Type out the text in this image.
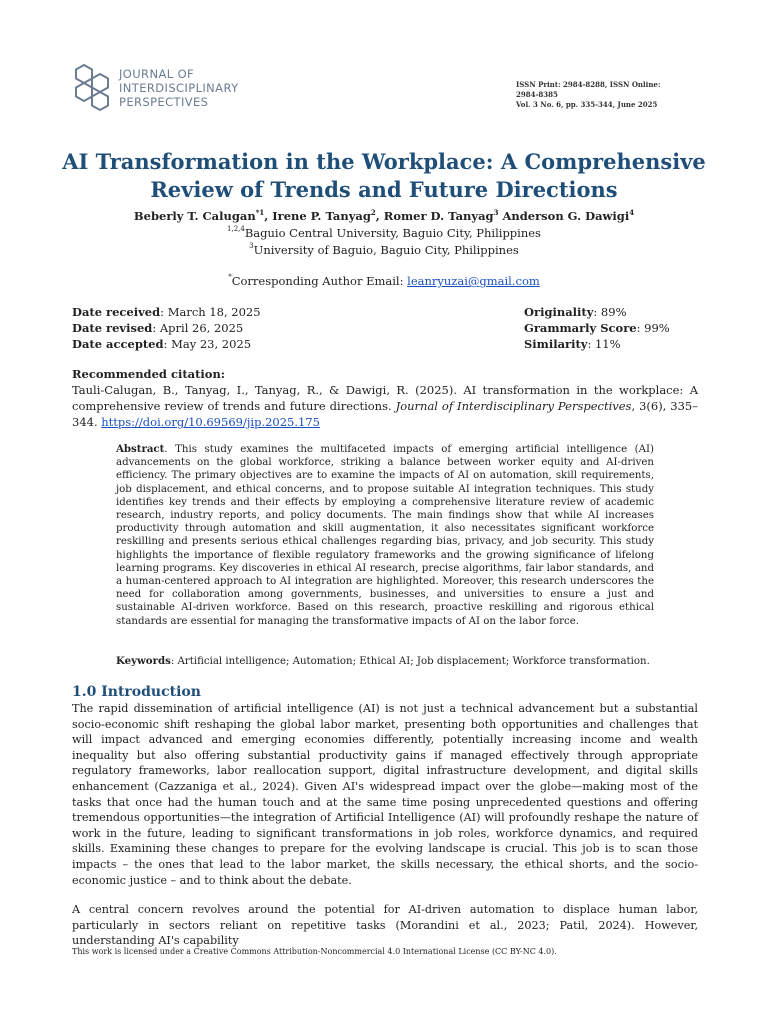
JOURNAL OF
INTERDISCIPLINARY
PERSPECTIVES
ISSN Print: 2984-8288, ISSN Online: 2984-8385
Vol. 3 No. 6, pp. 335-344, June 2025
AI Transformation in the Workplace: A Comprehensive
Review of Trends and Future Directions
Beberly T. Calugan$^{*1}$, Irene P. Tanyag$^2$, Romer D. Tanyag$^3$ Anderson G. Dawigi$^4$
$^{1,2,4}$Baguio Central University, Baguio City, Philippines
$^3$University of Baguio, Baguio City, Philippines
*Corresponding Author Email: leanryuzai@gmail.com
Date received: March 18, 2025
Date revised: April 26, 2025
Date accepted: May 23, 2025
Originality: 89%
Grammarly Score: 99%
Similarity: 11%
Recommended citation:
Tauli-Calugan, B., Tanyag, I., Tanyag, R., & Dawigi, R. (2025). AI transformation in the workplace: A comprehensive review of trends and future directions. Journal of Interdisciplinary Perspectives, 3(6), 335–344. https://doi.org/10.69569/jip.2025.175
Abstract. This study examines the multifaceted impacts of emerging artificial intelligence (AI) advancements on the global workforce, striking a balance between worker equity and AI-driven efficiency. The primary objectives are to examine the impacts of AI on automation, skill requirements, job displacement, and ethical concerns, and to propose suitable AI integration techniques. This study identifies key trends and their effects by employing a comprehensive literature review of academic research, industry reports, and policy documents. The main findings show that while AI increases productivity through automation and skill augmentation, it also necessitates significant workforce reskilling and presents serious ethical challenges regarding bias, privacy, and job security. This study highlights the importance of flexible regulatory frameworks and the growing significance of lifelong learning programs. Key discoveries in ethical AI research, precise algorithms, fair labor standards, and a human-centered approach to AI integration are highlighted. Moreover, this research underscores the need for collaboration among governments, businesses, and universities to ensure a just and sustainable AI-driven workforce. Based on this research, proactive reskilling and rigorous ethical standards are essential for managing the transformative impacts of AI on the labor force.
Keywords: Artificial intelligence; Automation; Ethical AI; Job displacement; Workforce transformation.
1.0 Introduction

The rapid dissemination of artificial intelligence (AI) is not just a technical advancement but a substantial socio-economic shift reshaping the global labor market, presenting both opportunities and challenges that will impact advanced and emerging economies differently, potentially increasing income and wealth inequality but also offering substantial productivity gains if managed effectively through appropriate regulatory frameworks, labor reallocation support, digital infrastructure development, and digital skills enhancement (Cazzaniga et al., 2024). Given AI's widespread impact over the globe—making most of the tasks that once had the human touch and at the same time posing unprecedented questions and offering tremendous opportunities—the integration of Artificial Intelligence (AI) will profoundly reshape the nature of work in the future, leading to significant transformations in job roles, workforce dynamics, and required skills. Examining these changes to prepare for the evolving landscape is crucial. This job is to scan those impacts – the ones that lead to the labor market, the skills necessary, the ethical shorts, and the socio-economic justice – and to think about the debate.

A central concern revolves around the potential for AI-driven automation to displace human labor, particularly in sectors reliant on repetitive tasks (Morandini et al., 2023; Patil, 2024). However, understanding AI's capability

This work is licensed under a Creative Commons Attribution-Noncommercial 4.0 International License (CC BY-NC 4.0).
